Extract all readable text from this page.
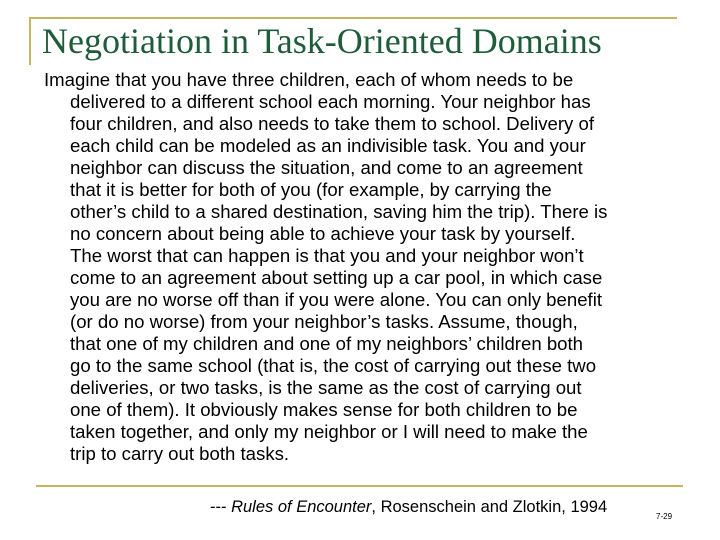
Negotiation in Task-Oriented Domains
Imagine that you have three children, each of whom needs to be
delivered to a different school each morning. Your neighbor has
four children, and also needs to take them to school. Delivery of
each child can be modeled as an indivisible task. You and your
neighbor can discuss the situation, and come to an agreement
that it is better for both of you (for example, by carrying the
other’s child to a shared destination, saving him the trip). There is
no concern about being able to achieve your task by yourself.
The worst that can happen is that you and your neighbor won’t
come to an agreement about setting up a car pool, in which case
you are no worse off than if you were alone. You can only benefit
(or do no worse) from your neighbor’s tasks. Assume, though,
that one of my children and one of my neighbors’ children both
go to the same school (that is, the cost of carrying out these two
deliveries, or two tasks, is the same as the cost of carrying out
one of them). It obviously makes sense for both children to be
taken together, and only my neighbor or I will need to make the
trip to carry out both tasks.
--- Rules of Encounter, Rosenschein and Zlotkin, 1994
7-29
